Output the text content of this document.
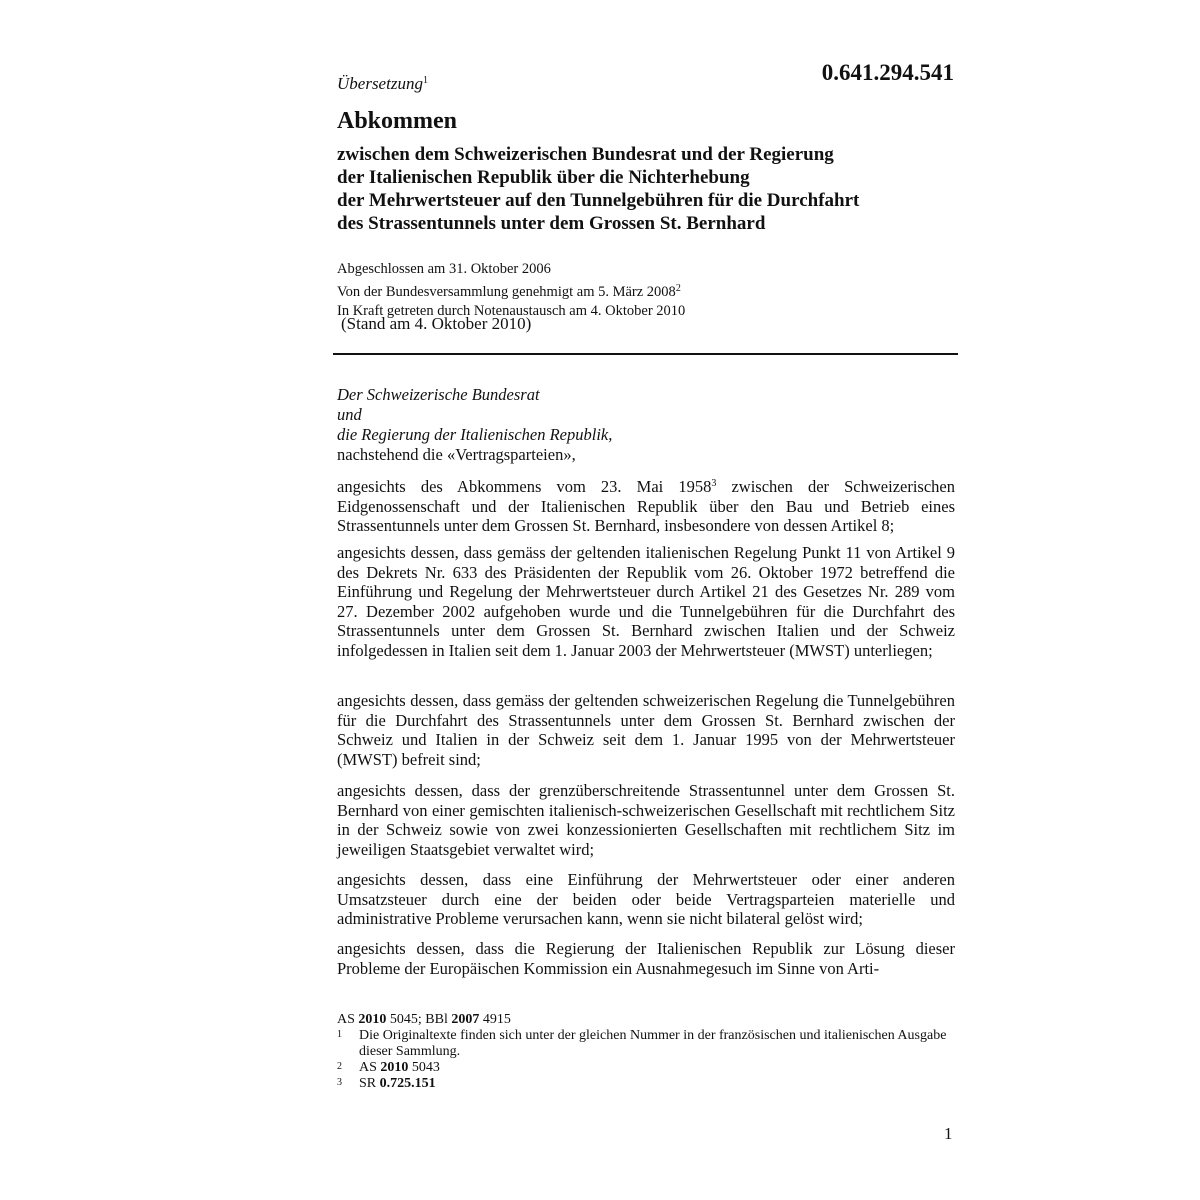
Übersetzung$^1$	0.641.294.541
Abkommen
zwischen dem Schweizerischen Bundesrat und der Regierung
der Italienischen Republik über die Nichterhebung
der Mehrwertsteuer auf den Tunnelgebühren für die Durchfahrt
des Strassentunnels unter dem Grossen St. Bernhard
Abgeschlossen am 31. Oktober 2006
Von der Bundesversammlung genehmigt am 5. März 2008$^2$
In Kraft getreten durch Notenaustausch am 4. Oktober 2010
(Stand am 4. Oktober 2010)
Der Schweizerische Bundesrat
und
die Regierung der Italienischen Republik,
nachstehend die «Vertragsparteien»,
angesichts des Abkommens vom 23. Mai 1958$^3$ zwischen der Schweizerischen Eidgenossenschaft und der Italienischen Republik über den Bau und Betrieb eines Strassentunnels unter dem Grossen St. Bernhard, insbesondere von dessen Artikel 8;
angesichts dessen, dass gemäss der geltenden italienischen Regelung Punkt 11 von Artikel 9 des Dekrets Nr. 633 des Präsidenten der Republik vom 26. Oktober 1972 betreffend die Einführung und Regelung der Mehrwertsteuer durch Artikel 21 des Gesetzes Nr. 289 vom 27. Dezember 2002 aufgehoben wurde und die Tunnelgebühren für die Durchfahrt des Strassentunnels unter dem Grossen St. Bernhard zwischen Italien und der Schweiz infolgedessen in Italien seit dem 1. Januar 2003 der Mehrwertsteuer (MWST) unterliegen;
angesichts dessen, dass gemäss der geltenden schweizerischen Regelung die Tunnelgebühren für die Durchfahrt des Strassentunnels unter dem Grossen St. Bernhard zwischen der Schweiz und Italien in der Schweiz seit dem 1. Januar 1995 von der Mehrwertsteuer (MWST) befreit sind;
angesichts dessen, dass der grenzüberschreitende Strassentunnel unter dem Grossen St. Bernhard von einer gemischten italienisch-schweizerischen Gesellschaft mit rechtlichem Sitz in der Schweiz sowie von zwei konzessionierten Gesellschaften mit rechtlichem Sitz im jeweiligen Staatsgebiet verwaltet wird;
angesichts dessen, dass eine Einführung der Mehrwertsteuer oder einer anderen Umsatzsteuer durch eine der beiden oder beide Vertragsparteien materielle und administrative Probleme verursachen kann, wenn sie nicht bilateral gelöst wird;
angesichts dessen, dass die Regierung der Italienischen Republik zur Lösung dieser Probleme der Europäischen Kommission ein Ausnahmegesuch im Sinne von Arti-
AS 2010 5045; BBl 2007 4915
1	Die Originaltexte finden sich unter der gleichen Nummer in der französischen und italienischen Ausgabe dieser Sammlung.
2	AS 2010 5043
3	SR 0.725.151
1
